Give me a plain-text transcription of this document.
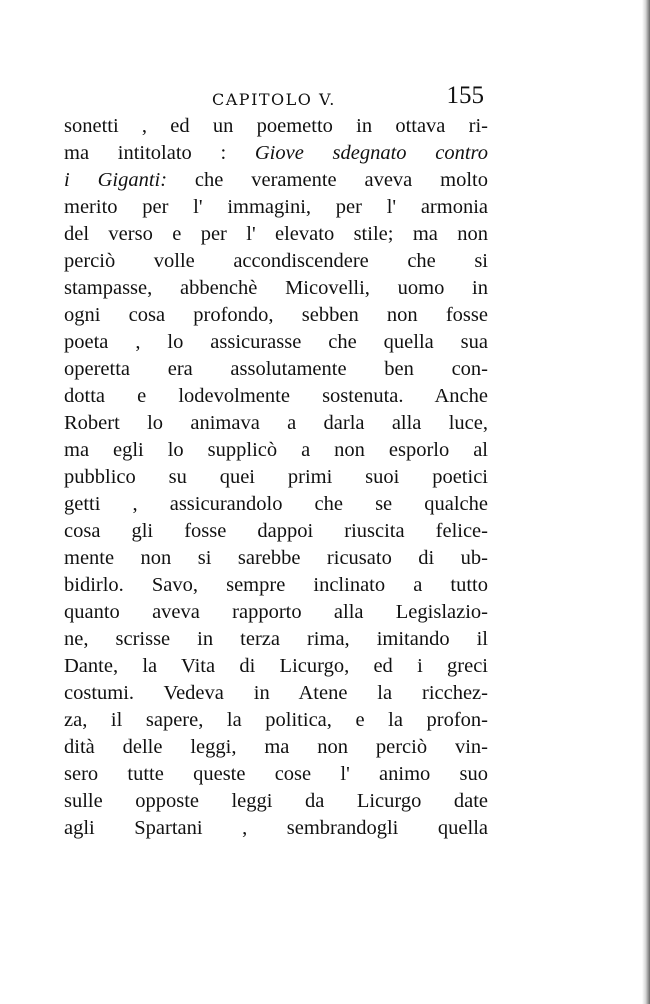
CAPITOLO V.	155
sonetti , ed un poemetto in ottava ri-
ma intitolato : Giove sdegnato contro
i Giganti: che veramente aveva molto
merito per l' immagini, per l' armonia
del verso e per l' elevato stile; ma non
perciò volle accondiscendere che si
stampasse, abbenchè Micovelli, uomo in
ogni cosa profondo, sebben non fosse
poeta , lo assicurasse che quella sua
operetta era assolutamente ben con-
dotta e lodevolmente sostenuta. Anche
Robert lo animava a darla alla luce,
ma egli lo supplicò a non esporlo al
pubblico su quei primi suoi poetici
getti , assicurandolo che se qualche
cosa gli fosse dappoi riuscita felice-
mente non si sarebbe ricusato di ub-
bidirlo. Savo, sempre inclinato a tutto
quanto aveva rapporto alla Legislazio-
ne, scrisse in terza rima, imitando il
Dante, la Vita di Licurgo, ed i greci
costumi. Vedeva in Atene la ricchez-
za, il sapere, la politica, e la profon-
dità delle leggi, ma non perciò vin-
sero tutte queste cose l' animo suo
sulle opposte leggi da Licurgo date
agli Spartani , sembrandogli quella
